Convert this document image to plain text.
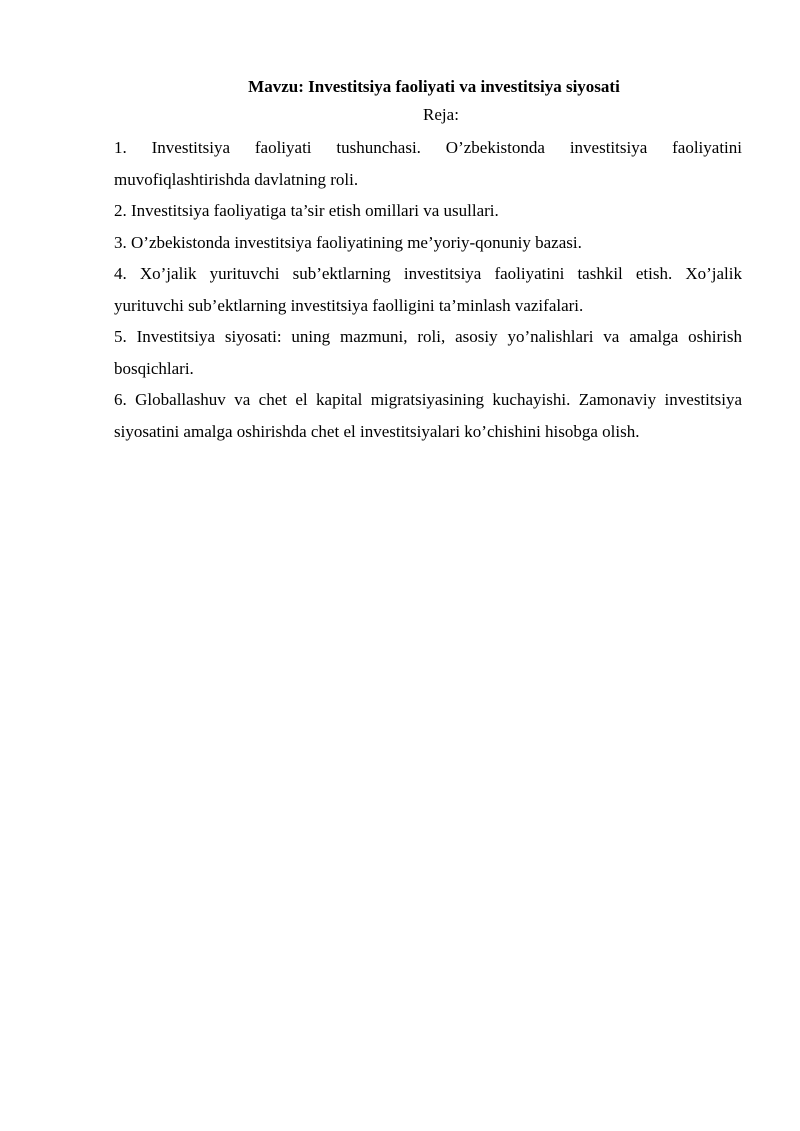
Mavzu: Investitsiya faoliyati va investitsiya siyosati

Reja:

1. Investitsiya faoliyati tushunchasi. O’zbekistonda investitsiya faoliyatini muvofiqlashtirishda davlatning roli.
2. Investitsiya faoliyatiga ta’sir etish omillari va usullari.
3. O’zbekistonda investitsiya faoliyatining me’yoriy-qonuniy bazasi.
4. Xo’jalik yurituvchi sub’ektlarning investitsiya faoliyatini tashkil etish. Xo’jalik yurituvchi sub’ektlarning investitsiya faolligini ta’minlash vazifalari.
5. Investitsiya siyosati: uning mazmuni, roli, asosiy yo’nalishlari va amalga oshirish bosqichlari.
6. Globallashuv va chet el kapital migratsiyasining kuchayishi. Zamonaviy investitsiya siyosatini amalga oshirishda chet el investitsiyalari ko’chishini hisobga olish.
